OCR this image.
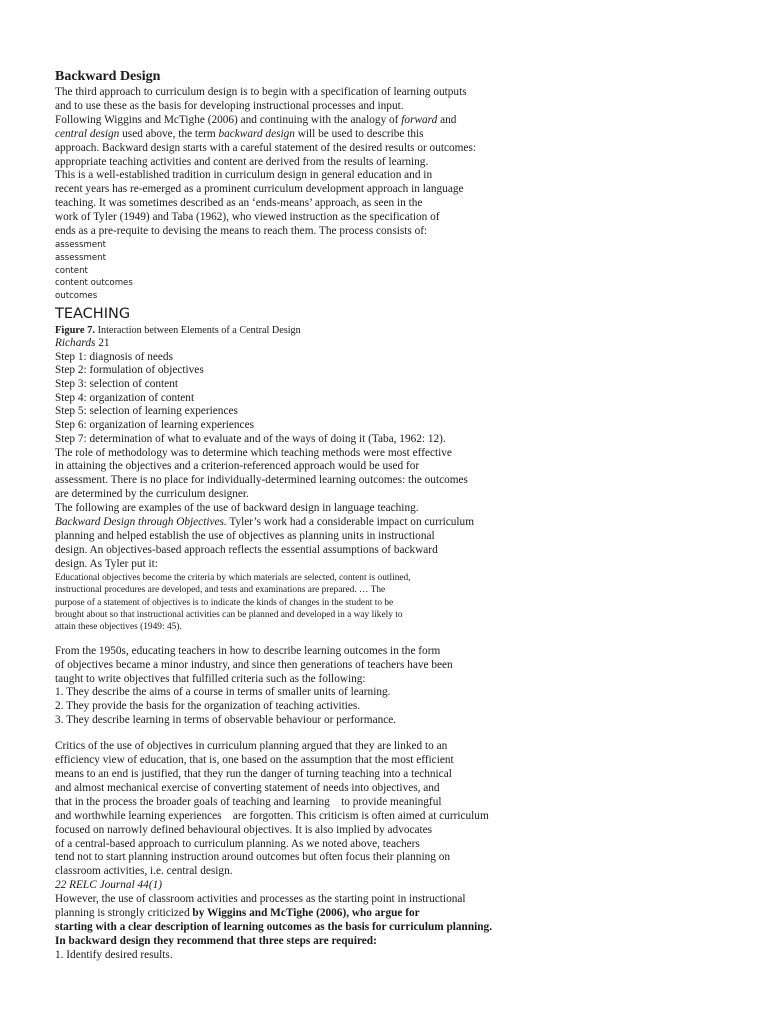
Backward Design
The third approach to curriculum design is to begin with a specification of learning outputs
and to use these as the basis for developing instructional processes and input.
Following Wiggins and McTighe (2006) and continuing with the analogy of forward and
central design used above, the term backward design will be used to describe this
approach. Backward design starts with a careful statement of the desired results or outcomes:
appropriate teaching activities and content are derived from the results of learning.
This is a well-established tradition in curriculum design in general education and in
recent years has re-emerged as a prominent curriculum development approach in language
teaching. It was sometimes described as an ‘ends-means’ approach, as seen in the
work of Tyler (1949) and Taba (1962), who viewed instruction as the specification of
ends as a pre-requite to devising the means to reach them. The process consists of:
assessment
assessment
content
content outcomes
outcomes
TEACHING
Figure 7. Interaction between Elements of a Central Design
Richards 21
Step 1: diagnosis of needs
Step 2: formulation of objectives
Step 3: selection of content
Step 4: organization of content
Step 5: selection of learning experiences
Step 6: organization of learning experiences
Step 7: determination of what to evaluate and of the ways of doing it (Taba, 1962: 12).
The role of methodology was to determine which teaching methods were most effective
in attaining the objectives and a criterion-referenced approach would be used for
assessment. There is no place for individually-determined learning outcomes: the outcomes
are determined by the curriculum designer.
The following are examples of the use of backward design in language teaching.
Backward Design through Objectives. Tyler’s work had a considerable impact on curriculum
planning and helped establish the use of objectives as planning units in instructional
design. An objectives-based approach reflects the essential assumptions of backward
design. As Tyler put it:
Educational objectives become the criteria by which materials are selected, content is outlined,
instructional procedures are developed, and tests and examinations are prepared. … The
purpose of a statement of objectives is to indicate the kinds of changes in the student to be
brought about so that instructional activities can be planned and developed in a way likely to
attain these objectives (1949: 45).
From the 1950s, educating teachers in how to describe learning outcomes in the form
of objectives became a minor industry, and since then generations of teachers have been
taught to write objectives that fulfilled criteria such as the following:
1. They describe the aims of a course in terms of smaller units of learning.
2. They provide the basis for the organization of teaching activities.
3. They describe learning in terms of observable behaviour or performance.
Critics of the use of objectives in curriculum planning argued that they are linked to an
efficiency view of education, that is, one based on the assumption that the most efficient
means to an end is justified, that they run the danger of turning teaching into a technical
and almost mechanical exercise of converting statement of needs into objectives, and
that in the process the broader goals of teaching and learning    to provide meaningful
and worthwhile learning experiences    are forgotten. This criticism is often aimed at curriculum
focused on narrowly defined behavioural objectives. It is also implied by advocates
of a central-based approach to curriculum planning. As we noted above, teachers
tend not to start planning instruction around outcomes but often focus their planning on
classroom activities, i.e. central design.
22 RELC Journal 44(1)
However, the use of classroom activities and processes as the starting point in instructional
planning is strongly criticized by Wiggins and McTighe (2006), who argue for
starting with a clear description of learning outcomes as the basis for curriculum planning.
In backward design they recommend that three steps are required:
1. Identify desired results.
